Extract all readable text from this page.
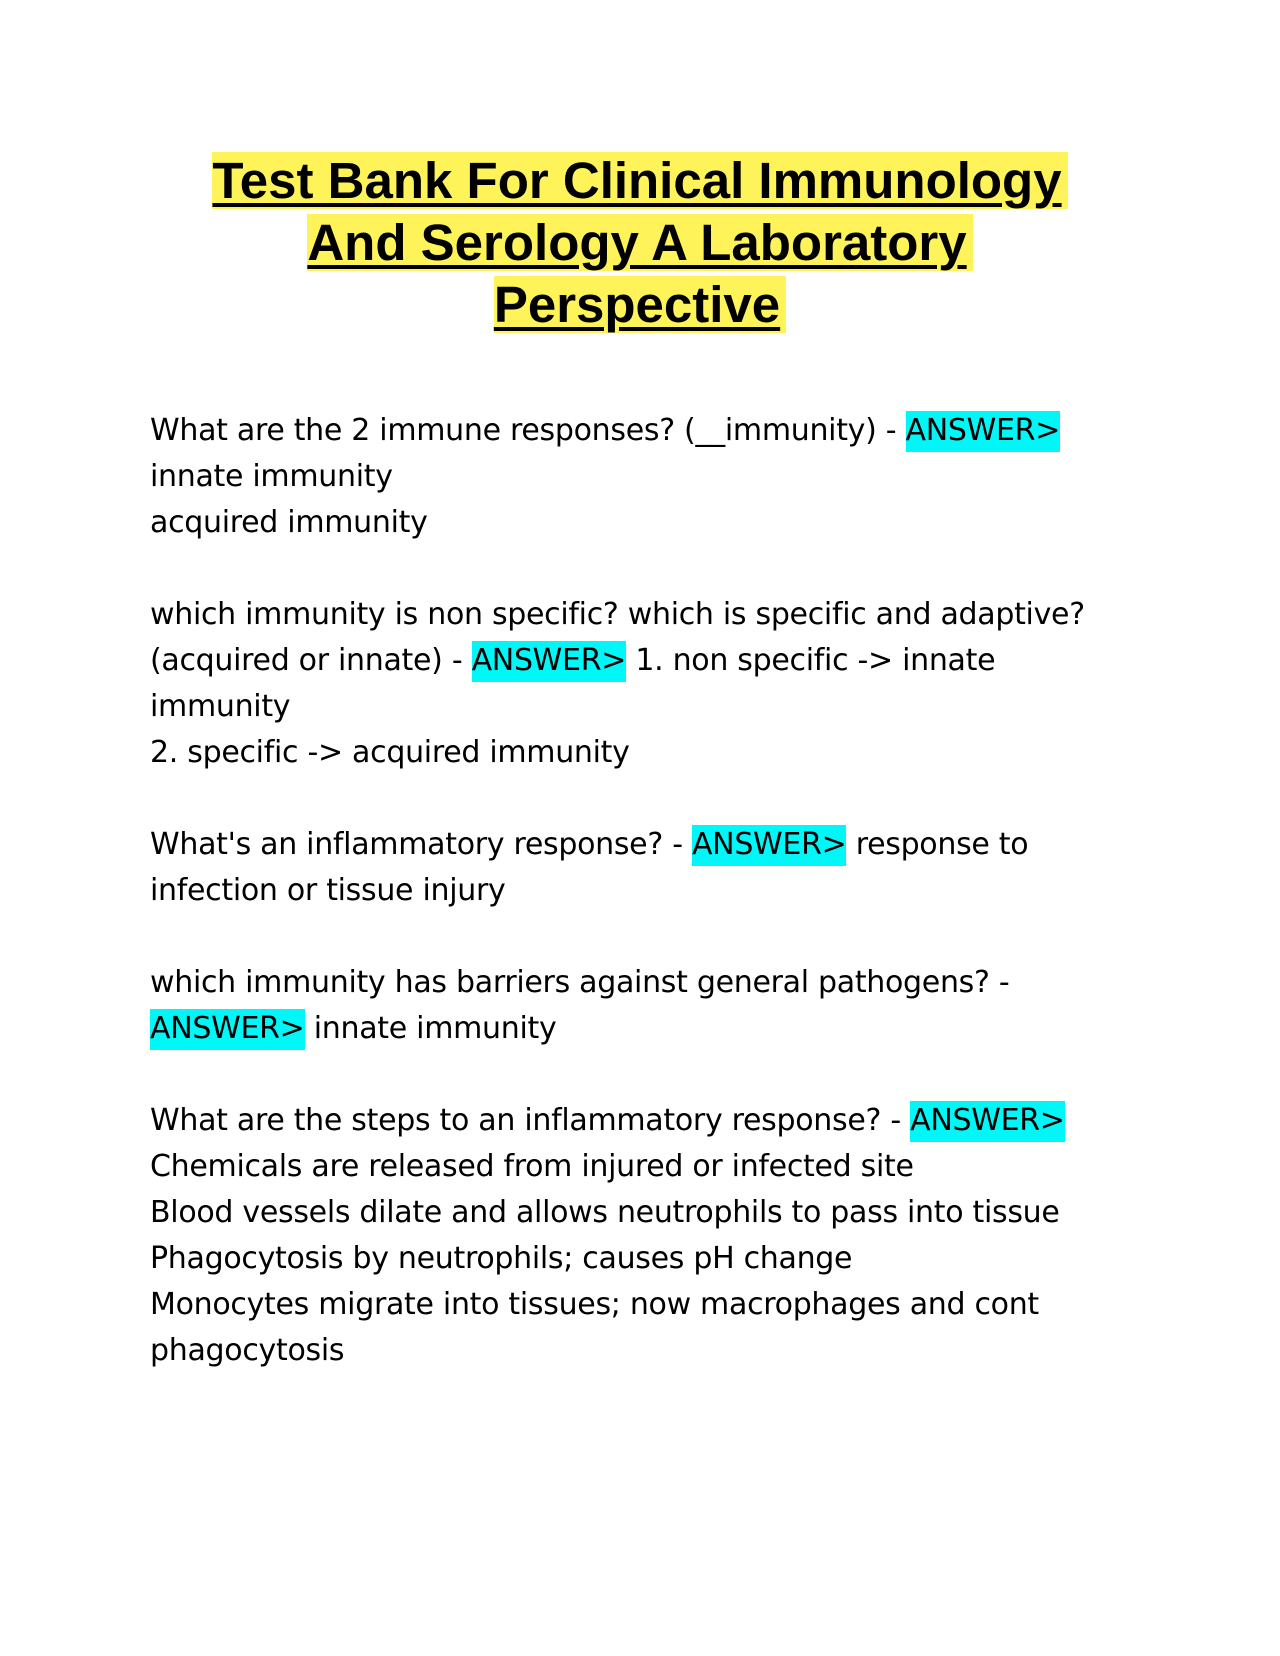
Test Bank For Clinical Immunology
And Serology A Laboratory
Perspective
What are the 2 immune responses? (__immunity) - ANSWER>
innate immunity
acquired immunity
which immunity is non specific? which is specific and adaptive?
(acquired or innate) - ANSWER> 1. non specific -> innate
immunity
2. specific -> acquired immunity
What's an inflammatory response? - ANSWER> response to
infection or tissue injury
which immunity has barriers against general pathogens? -
ANSWER> innate immunity
What are the steps to an inflammatory response? - ANSWER>
Chemicals are released from injured or infected site
Blood vessels dilate and allows neutrophils to pass into tissue
Phagocytosis by neutrophils; causes pH change
Monocytes migrate into tissues; now macrophages and cont
phagocytosis
